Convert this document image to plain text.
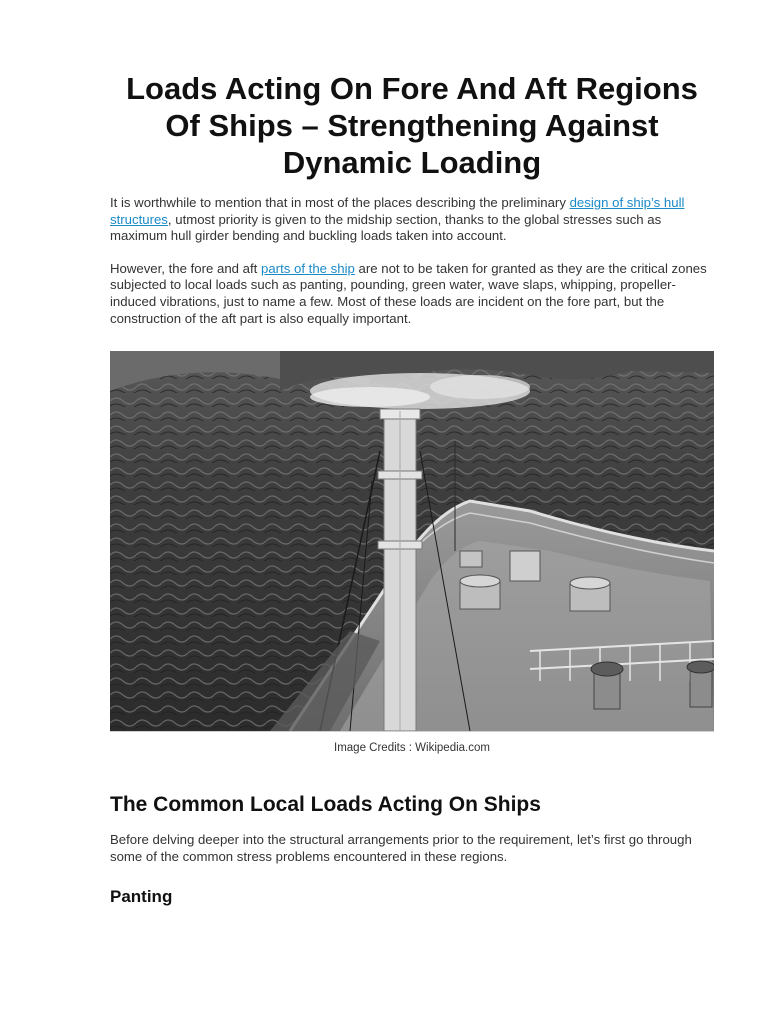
Loads Acting On Fore And Aft Regions Of Ships – Strengthening Against Dynamic Loading

It is worthwhile to mention that in most of the places describing the preliminary design of ship’s hull structures, utmost priority is given to the midship section, thanks to the global stresses such as maximum hull girder bending and buckling loads taken into account.

However, the fore and aft parts of the ship are not to be taken for granted as they are the critical zones subjected to local loads such as panting, pounding, green water, wave slaps, whipping, propeller-induced vibrations, just to name a few. Most of these loads are incident on the fore part, but the construction of the aft part is also equally important.

Image Credits : Wikipedia.com
The Common Local Loads Acting On Ships

Before delving deeper into the structural arrangements prior to the requirement, let’s first go through some of the common stress problems encountered in these regions.

Panting
